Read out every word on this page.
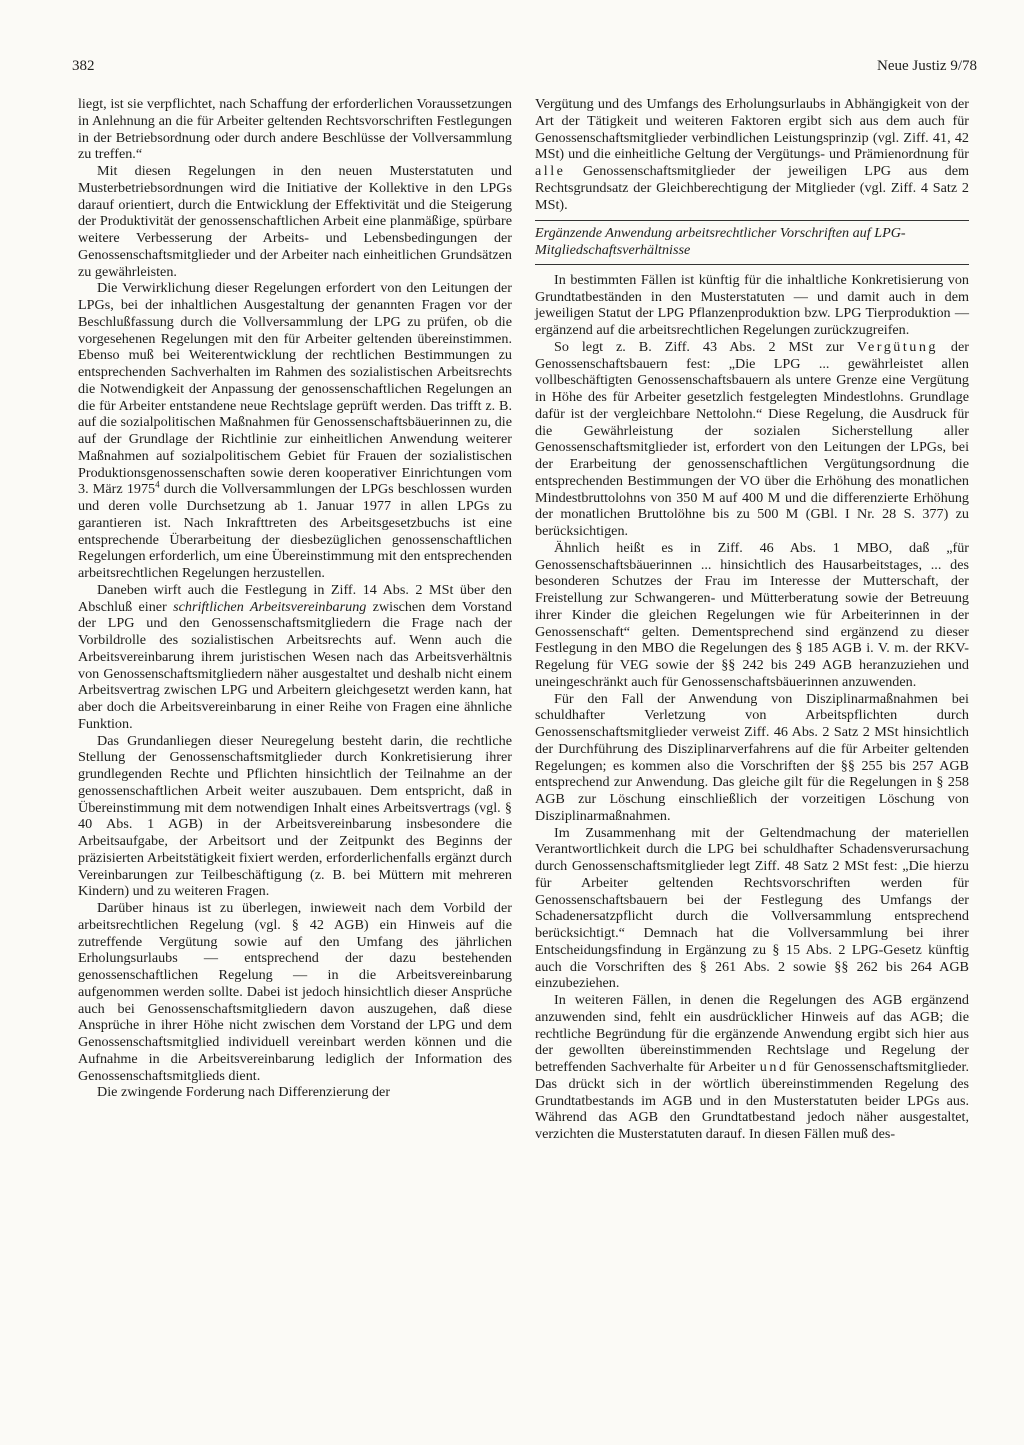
382	Neue Justiz 9/78

liegt, ist sie verpflichtet, nach Schaffung der erforderlichen Voraussetzungen in Anlehnung an die für Arbeiter geltenden Rechtsvorschriften Festlegungen in der Betriebsordnung oder durch andere Beschlüsse der Vollversammlung zu treffen.“

Mit diesen Regelungen in den neuen Musterstatuten und Musterbetriebsordnungen wird die Initiative der Kollektive in den LPGs darauf orientiert, durch die Entwicklung der Effektivität und die Steigerung der Produktivität der genossenschaftlichen Arbeit eine planmäßige, spürbare weitere Verbesserung der Arbeits- und Lebensbedingungen der Genossenschaftsmitglieder und der Arbeiter nach einheitlichen Grundsätzen zu gewährleisten.

Die Verwirklichung dieser Regelungen erfordert von den Leitungen der LPGs, bei der inhaltlichen Ausgestaltung der genannten Fragen vor der Beschlußfassung durch die Vollversammlung der LPG zu prüfen, ob die vorgesehenen Regelungen mit den für Arbeiter geltenden übereinstimmen. Ebenso muß bei Weiterentwicklung der rechtlichen Bestimmungen zu entsprechenden Sachverhalten im Rahmen des sozialistischen Arbeitsrechts die Notwendigkeit der Anpassung der genossenschaftlichen Regelungen an die für Arbeiter entstandene neue Rechtslage geprüft werden. Das trifft z. B. auf die sozialpolitischen Maßnahmen für Genossenschaftsbäuerinnen zu, die auf der Grundlage der Richtlinie zur einheitlichen Anwendung weiterer Maßnahmen auf sozialpolitischem Gebiet für Frauen der sozialistischen Produktionsgenossenschaften sowie deren kooperativer Einrichtungen vom 3. März 1975$^4$ durch die Vollversammlungen der LPGs beschlossen wurden und deren volle Durchsetzung ab 1. Januar 1977 in allen LPGs zu garantieren ist. Nach Inkrafttreten des Arbeitsgesetzbuchs ist eine entsprechende Überarbeitung der diesbezüglichen genossenschaftlichen Regelungen erforderlich, um eine Übereinstimmung mit den entsprechenden arbeitsrechtlichen Regelungen herzustellen.

Daneben wirft auch die Festlegung in Ziff. 14 Abs. 2 MSt über den Abschluß einer schriftlichen Arbeitsvereinbarung zwischen dem Vorstand der LPG und den Genossenschaftsmitgliedern die Frage nach der Vorbildrolle des sozialistischen Arbeitsrechts auf. Wenn auch die Arbeitsvereinbarung ihrem juristischen Wesen nach das Arbeitsverhältnis von Genossenschaftsmitgliedern näher ausgestaltet und deshalb nicht einem Arbeitsvertrag zwischen LPG und Arbeitern gleichgesetzt werden kann, hat aber doch die Arbeitsvereinbarung in einer Reihe von Fragen eine ähnliche Funktion.

Das Grundanliegen dieser Neuregelung besteht darin, die rechtliche Stellung der Genossenschaftsmitglieder durch Konkretisierung ihrer grundlegenden Rechte und Pflichten hinsichtlich der Teilnahme an der genossenschaftlichen Arbeit weiter auszubauen. Dem entspricht, daß in Übereinstimmung mit dem notwendigen Inhalt eines Arbeitsvertrags (vgl. § 40 Abs. 1 AGB) in der Arbeitsvereinbarung insbesondere die Arbeitsaufgabe, der Arbeitsort und der Zeitpunkt des Beginns der präzisierten Arbeitstätigkeit fixiert werden, erforderlichenfalls ergänzt durch Vereinbarungen zur Teilbeschäftigung (z. B. bei Müttern mit mehreren Kindern) und zu weiteren Fragen.

Darüber hinaus ist zu überlegen, inwieweit nach dem Vorbild der arbeitsrechtlichen Regelung (vgl. § 42 AGB) ein Hinweis auf die zutreffende Vergütung sowie auf den Umfang des jährlichen Erholungsurlaubs — entsprechend der dazu bestehenden genossenschaftlichen Regelung — in die Arbeitsvereinbarung aufgenommen werden sollte. Dabei ist jedoch hinsichtlich dieser Ansprüche auch bei Genossenschaftsmitgliedern davon auszugehen, daß diese Ansprüche in ihrer Höhe nicht zwischen dem Vorstand der LPG und dem Genossenschaftsmitglied individuell vereinbart werden können und die Aufnahme in die Arbeitsvereinbarung lediglich der Information des Genossenschaftsmitglieds dient.

Die zwingende Forderung nach Differenzierung der

Vergütung und des Umfangs des Erholungsurlaubs in Abhängigkeit von der Art der Tätigkeit und weiteren Faktoren ergibt sich aus dem auch für Genossenschaftsmitglieder verbindlichen Leistungsprinzip (vgl. Ziff. 41, 42 MSt) und die einheitliche Geltung der Vergütungs- und Prämienordnung für alle Genossenschaftsmitglieder der jeweiligen LPG aus dem Rechtsgrundsatz der Gleichberechtigung der Mitglieder (vgl. Ziff. 4 Satz 2 MSt).

Ergänzende Anwendung arbeitsrechtlicher Vorschriften auf LPG-Mitgliedschaftsverhältnisse

In bestimmten Fällen ist künftig für die inhaltliche Konkretisierung von Grundtatbeständen in den Musterstatuten — und damit auch in dem jeweiligen Statut der LPG Pflanzenproduktion bzw. LPG Tierproduktion — ergänzend auf die arbeitsrechtlichen Regelungen zurückzugreifen.

So legt z. B. Ziff. 43 Abs. 2 MSt zur Vergütung der Genossenschaftsbauern fest: „Die LPG ... gewährleistet allen vollbeschäftigten Genossenschaftsbauern als untere Grenze eine Vergütung in Höhe des für Arbeiter gesetzlich festgelegten Mindestlohns. Grundlage dafür ist der vergleichbare Nettolohn.“ Diese Regelung, die Ausdruck für die Gewährleistung der sozialen Sicherstellung aller Genossenschaftsmitglieder ist, erfordert von den Leitungen der LPGs, bei der Erarbeitung der genossenschaftlichen Vergütungsordnung die entsprechenden Bestimmungen der VO über die Erhöhung des monatlichen Mindestbruttolohns von 350 M auf 400 M und die differenzierte Erhöhung der monatlichen Bruttolöhne bis zu 500 M (GBl. I Nr. 28 S. 377) zu berücksichtigen.

Ähnlich heißt es in Ziff. 46 Abs. 1 MBO, daß „für Genossenschaftsbäuerinnen ... hinsichtlich des Hausarbeitstages, ... des besonderen Schutzes der Frau im Interesse der Mutterschaft, der Freistellung zur Schwangeren- und Mütterberatung sowie der Betreuung ihrer Kinder die gleichen Regelungen wie für Arbeiterinnen in der Genossenschaft“ gelten. Dementsprechend sind ergänzend zu dieser Festlegung in den MBO die Regelungen des § 185 AGB i. V. m. der RKV-Regelung für VEG sowie der §§ 242 bis 249 AGB heranzuziehen und uneingeschränkt auch für Genossenschaftsbäuerinnen anzuwenden.

Für den Fall der Anwendung von Disziplinarmaßnahmen bei schuldhafter Verletzung von Arbeitspflichten durch Genossenschaftsmitglieder verweist Ziff. 46 Abs. 2 Satz 2 MSt hinsichtlich der Durchführung des Disziplinarverfahrens auf die für Arbeiter geltenden Regelungen; es kommen also die Vorschriften der §§ 255 bis 257 AGB entsprechend zur Anwendung. Das gleiche gilt für die Regelungen in § 258 AGB zur Löschung einschließlich der vorzeitigen Löschung von Disziplinarmaßnahmen.

Im Zusammenhang mit der Geltendmachung der materiellen Verantwortlichkeit durch die LPG bei schuldhafter Schadensverursachung durch Genossenschaftsmitglieder legt Ziff. 48 Satz 2 MSt fest: „Die hierzu für Arbeiter geltenden Rechtsvorschriften werden für Genossenschaftsbauern bei der Festlegung des Umfangs der Schadenersatzpflicht durch die Vollversammlung entsprechend berücksichtigt.“ Demnach hat die Vollversammlung bei ihrer Entscheidungsfindung in Ergänzung zu § 15 Abs. 2 LPG-Gesetz künftig auch die Vorschriften des § 261 Abs. 2 sowie §§ 262 bis 264 AGB einzubeziehen.

In weiteren Fällen, in denen die Regelungen des AGB ergänzend anzuwenden sind, fehlt ein ausdrücklicher Hinweis auf das AGB; die rechtliche Begründung für die ergänzende Anwendung ergibt sich hier aus der gewollten übereinstimmenden Rechtslage und Regelung der betreffenden Sachverhalte für Arbeiter und für Genossenschaftsmitglieder. Das drückt sich in der wörtlich übereinstimmenden Regelung des Grundtatbestands im AGB und in den Musterstatuten beider LPGs aus. Während das AGB den Grundtatbestand jedoch näher ausgestaltet, verzichten die Musterstatuten darauf. In diesen Fällen muß des-
